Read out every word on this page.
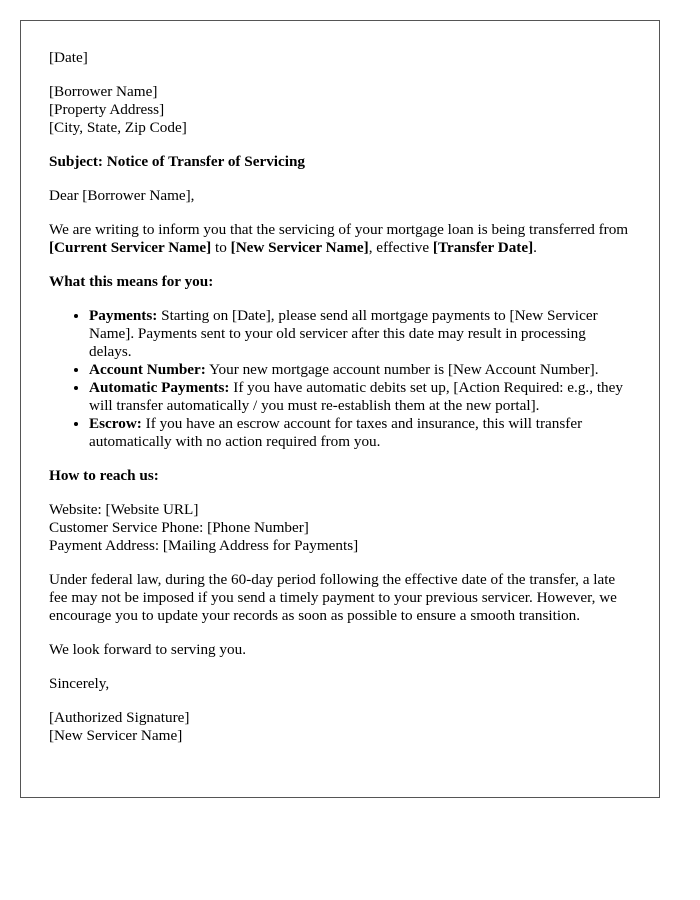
[Date]

[Borrower Name]
[Property Address]
[City, State, Zip Code]

Subject: Notice of Transfer of Servicing

Dear [Borrower Name],

We are writing to inform you that the servicing of your mortgage loan is being transferred from [Current Servicer Name] to [New Servicer Name], effective [Transfer Date].

What this means for you:

• Payments: Starting on [Date], please send all mortgage payments to [New Servicer Name]. Payments sent to your old servicer after this date may result in processing delays.
• Account Number: Your new mortgage account number is [New Account Number].
• Automatic Payments: If you have automatic debits set up, [Action Required: e.g., they will transfer automatically / you must re-establish them at the new portal].
• Escrow: If you have an escrow account for taxes and insurance, this will transfer automatically with no action required from you.

How to reach us:

Website: [Website URL]
Customer Service Phone: [Phone Number]
Payment Address: [Mailing Address for Payments]

Under federal law, during the 60-day period following the effective date of the transfer, a late fee may not be imposed if you send a timely payment to your previous servicer. However, we encourage you to update your records as soon as possible to ensure a smooth transition.

We look forward to serving you.

Sincerely,

[Authorized Signature]
[New Servicer Name]
